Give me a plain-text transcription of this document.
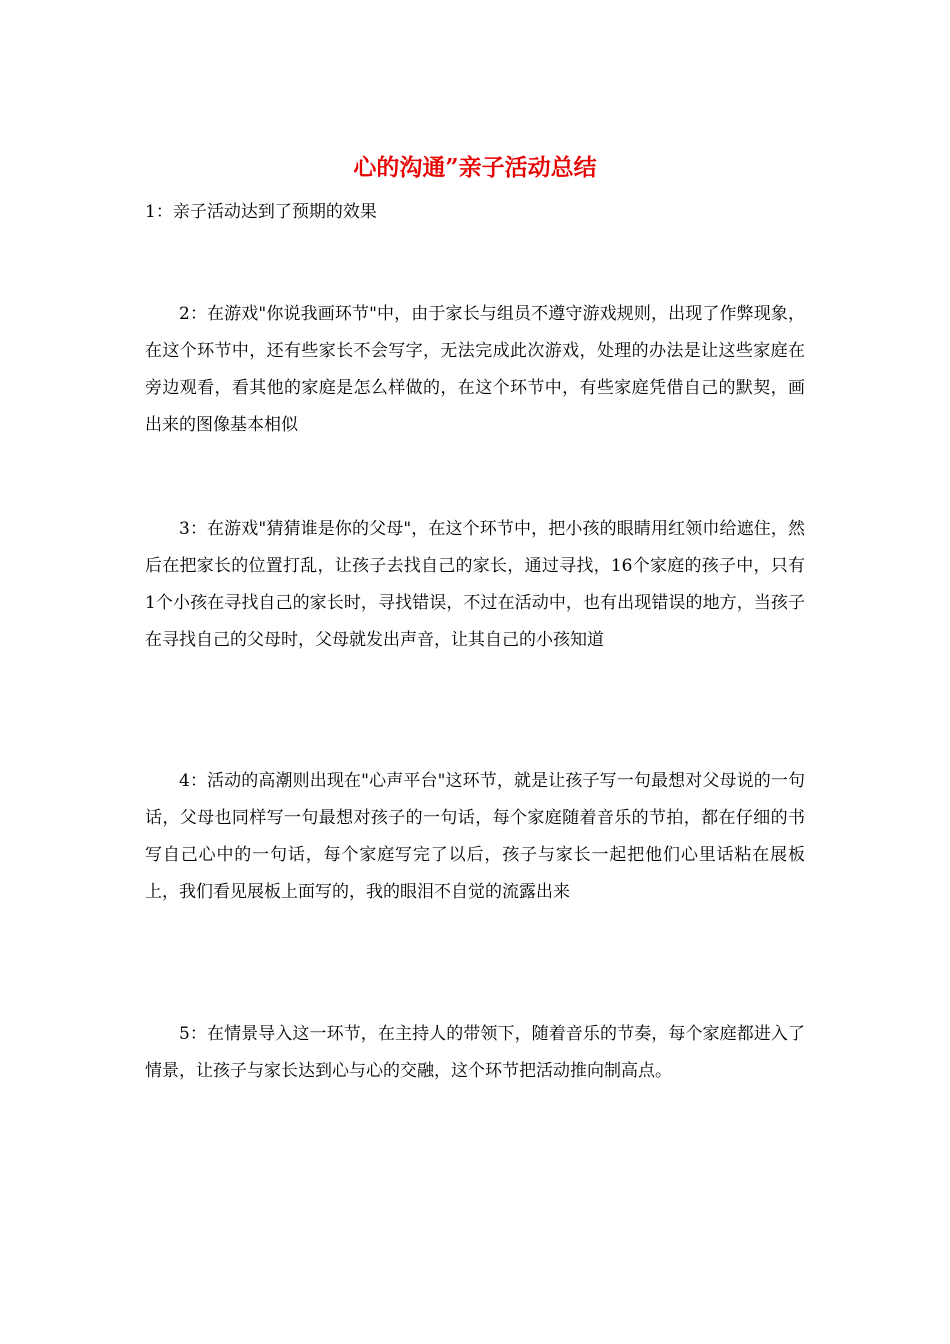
心的沟通”亲子活动总结

1：亲子活动达到了预期的效果

2：在游戏"你说我画环节"中，由于家长与组员不遵守游戏规则，出现了作弊现象，在这个环节中，还有些家长不会写字，无法完成此次游戏，处理的办法是让这些家庭在旁边观看，看其他的家庭是怎么样做的，在这个环节中，有些家庭凭借自己的默契，画出来的图像基本相似

3：在游戏"猜猜谁是你的父母"，在这个环节中，把小孩的眼睛用红领巾给遮住，然后在把家长的位置打乱，让孩子去找自己的家长，通过寻找，16个家庭的孩子中，只有1个小孩在寻找自己的家长时，寻找错误，不过在活动中，也有出现错误的地方，当孩子在寻找自己的父母时，父母就发出声音，让其自己的小孩知道

4：活动的高潮则出现在"心声平台"这环节，就是让孩子写一句最想对父母说的一句话，父母也同样写一句最想对孩子的一句话，每个家庭随着音乐的节拍，都在仔细的书写自己心中的一句话，每个家庭写完了以后，孩子与家长一起把他们心里话粘在展板上，我们看见展板上面写的，我的眼泪不自觉的流露出来

5：在情景导入这一环节，在主持人的带领下，随着音乐的节奏，每个家庭都进入了情景，让孩子与家长达到心与心的交融，这个环节把活动推向制高点。
